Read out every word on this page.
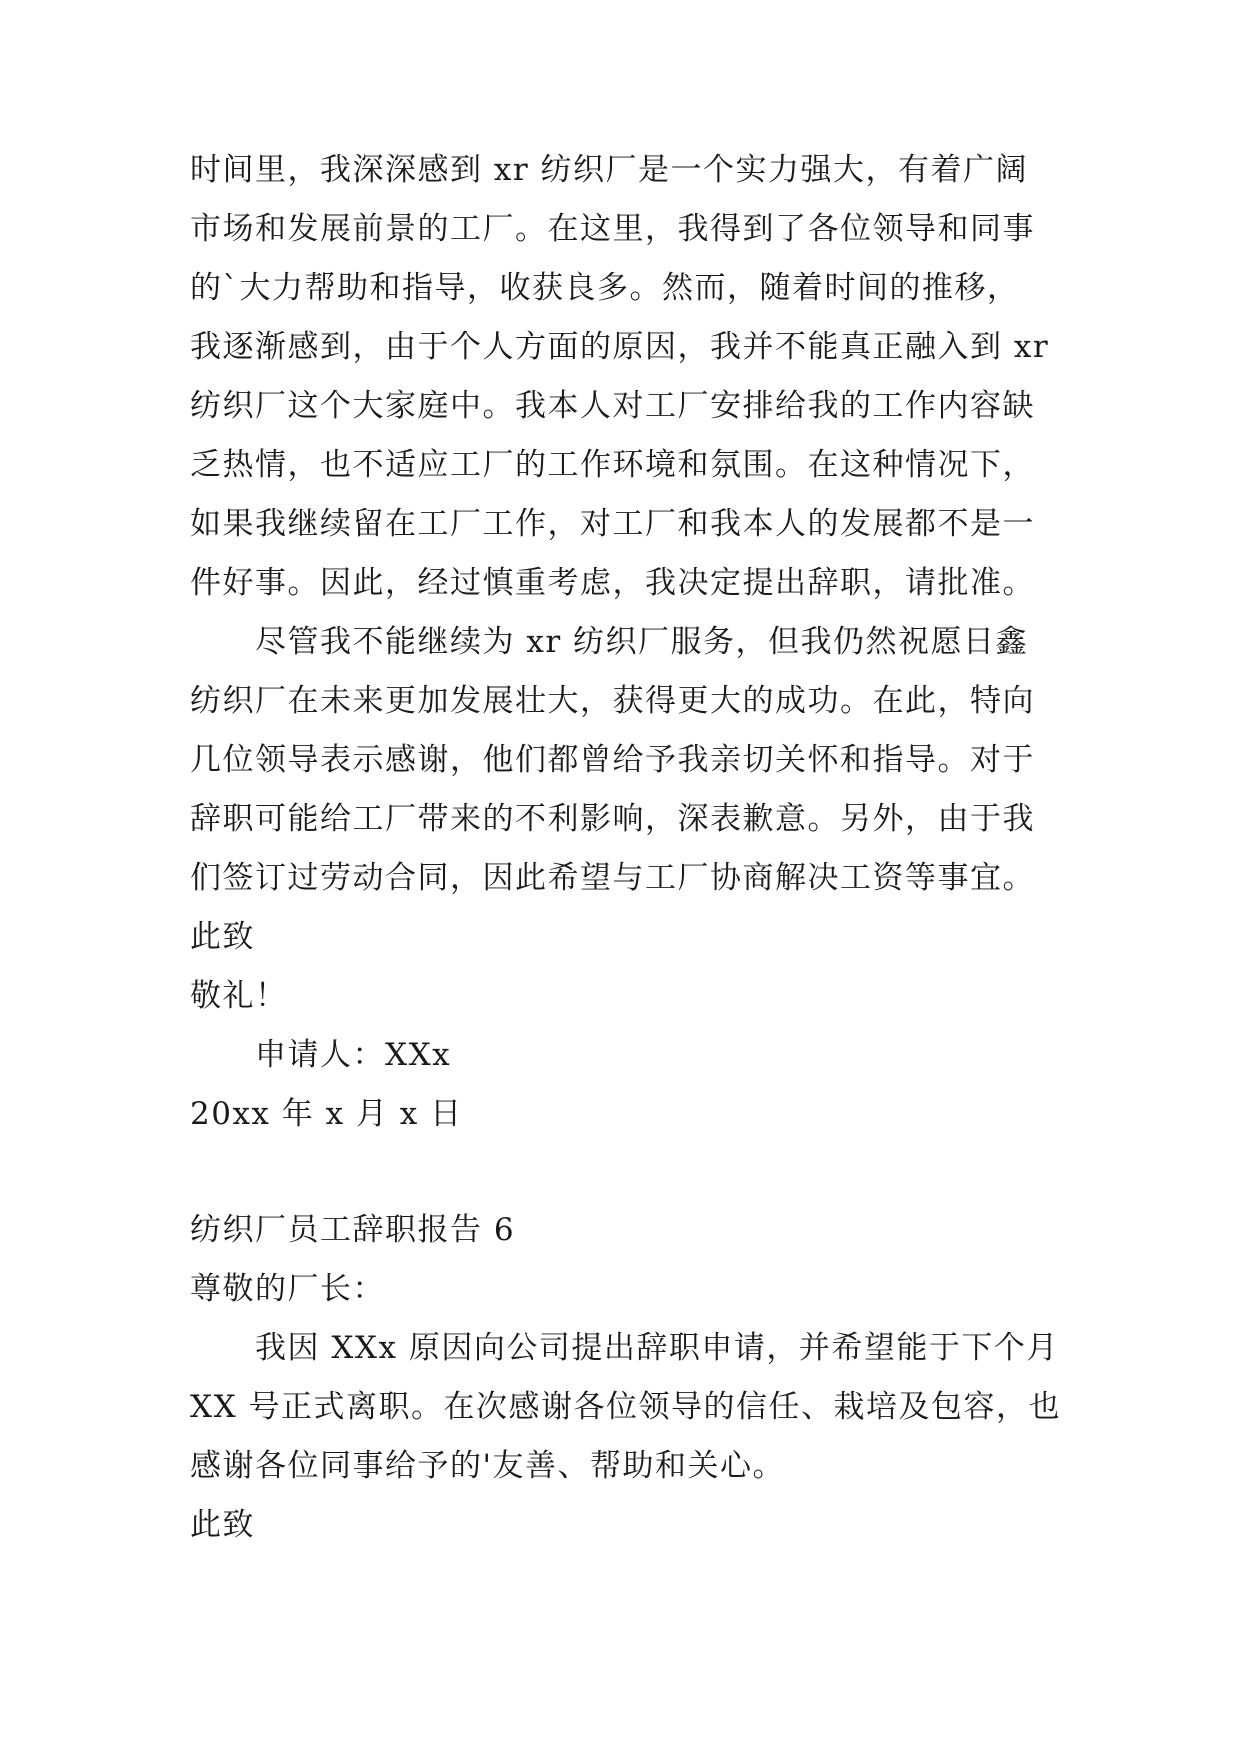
时间里，我深深感到 xr 纺织厂是一个实力强大，有着广阔
市场和发展前景的工厂。在这里，我得到了各位领导和同事
的`大力帮助和指导，收获良多。然而，随着时间的推移，
我逐渐感到，由于个人方面的原因，我并不能真正融入到 xr
纺织厂这个大家庭中。我本人对工厂安排给我的工作内容缺
乏热情，也不适应工厂的工作环境和氛围。在这种情况下，
如果我继续留在工厂工作，对工厂和我本人的发展都不是一
件好事。因此，经过慎重考虑，我决定提出辞职，请批准。
尽管我不能继续为 xr 纺织厂服务，但我仍然祝愿日鑫
纺织厂在未来更加发展壮大，获得更大的成功。在此，特向
几位领导表示感谢，他们都曾给予我亲切关怀和指导。对于
辞职可能给工厂带来的不利影响，深表歉意。另外，由于我
们签订过劳动合同，因此希望与工厂协商解决工资等事宜。
此致
敬礼！
申请人：XXx
20xx 年 x 月 x 日
纺织厂员工辞职报告 6
尊敬的厂长：
我因 XXx 原因向公司提出辞职申请，并希望能于下个月
XX 号正式离职。在次感谢各位领导的信任、栽培及包容，也
感谢各位同事给予的'友善、帮助和关心。
此致
